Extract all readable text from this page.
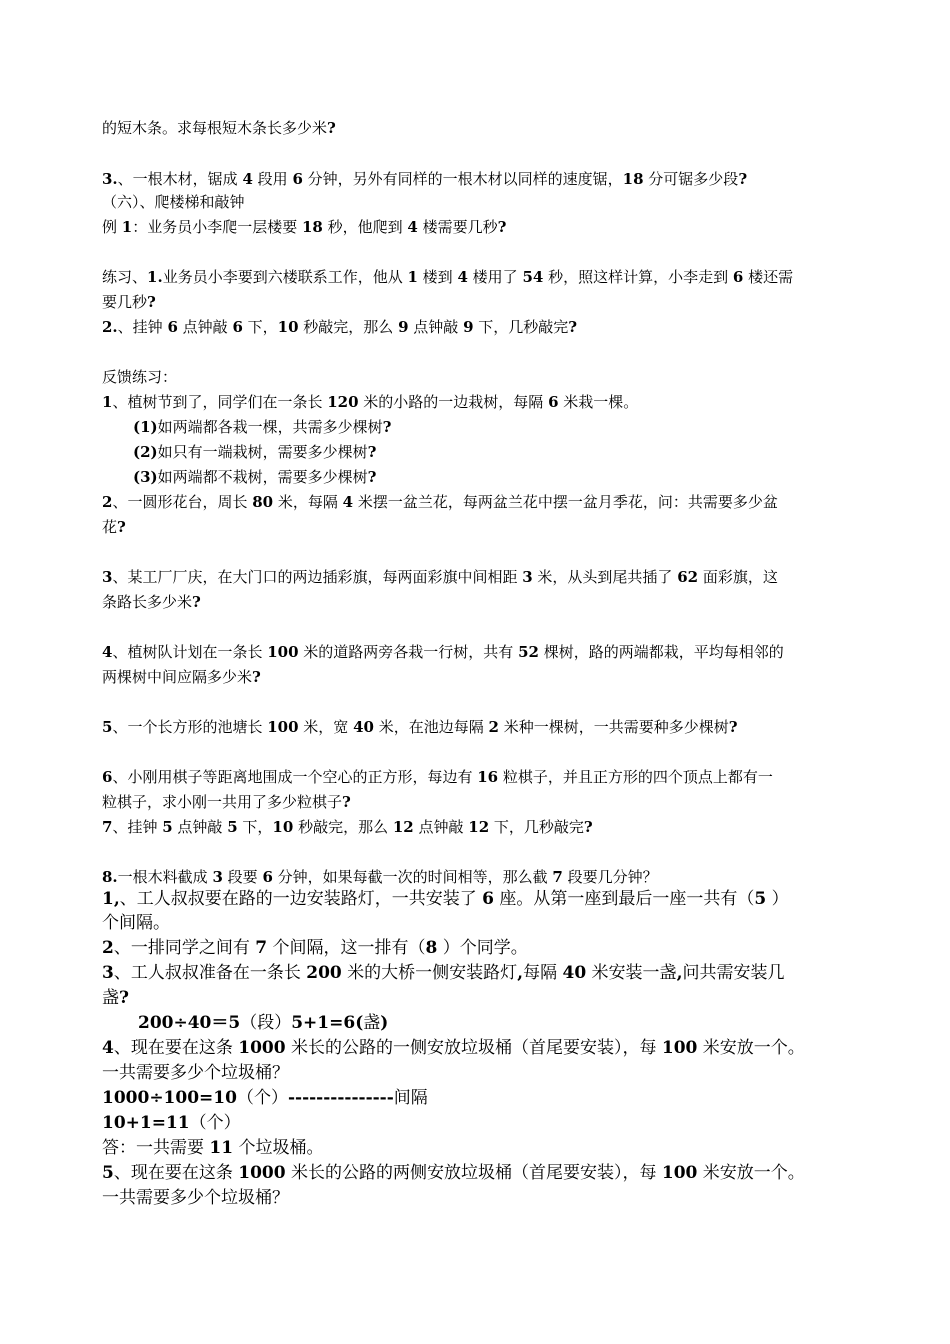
的短木条。求每根短木条长多少米?
3.、一根木材，锯成 4 段用 6 分钟，另外有同样的一根木材以同样的速度锯，18 分可锯多少段?
（六）、爬楼梯和敲钟
例 1：业务员小李爬一层楼要 18 秒，他爬到 4 楼需要几秒?
练习、1.业务员小李要到六楼联系工作，他从 1 楼到 4 楼用了 54 秒，照这样计算，小李走到 6 楼还需
要几秒?
2.、挂钟 6 点钟敲 6 下，10 秒敲完，那么 9 点钟敲 9 下，几秒敲完?
反馈练习：
1、植树节到了，同学们在一条长 120 米的小路的一边栽树，每隔 6 米栽一棵。
(1)如两端都各栽一棵，共需多少棵树?
(2)如只有一端栽树，需要多少棵树?
(3)如两端都不栽树，需要多少棵树?
2、一圆形花台，周长 80 米，每隔 4 米摆一盆兰花，每两盆兰花中摆一盆月季花，问：共需要多少盆
花?
3、某工厂厂庆，在大门口的两边插彩旗，每两面彩旗中间相距 3 米，从头到尾共插了 62 面彩旗，这
条路长多少米?
4、植树队计划在一条长 100 米的道路两旁各栽一行树，共有 52 棵树，路的两端都栽，平均每相邻的
两棵树中间应隔多少米?
5、一个长方形的池塘长 100 米，宽 40 米，在池边每隔 2 米种一棵树，一共需要种多少棵树?
6、小刚用棋子等距离地围成一个空心的正方形，每边有 16 粒棋子，并且正方形的四个顶点上都有一
粒棋子，求小刚一共用了多少粒棋子?
7、挂钟 5 点钟敲 5 下，10 秒敲完，那么 12 点钟敲 12 下，几秒敲完?
8.一根木料截成 3 段要 6 分钟，如果每截一次的时间相等，那么截 7 段要几分钟？
1,、工人叔叔要在路的一边安装路灯，一共安装了 6 座。从第一座到最后一座一共有（5 ）
个间隔。
2、一排同学之间有 7 个间隔，这一排有（8 ）个同学。
3、工人叔叔准备在一条长 200 米的大桥一侧安装路灯,每隔 40 米安装一盏,问共需安装几
盏?
200÷40＝5（段）5+1=6(盏)
4、现在要在这条 1000 米长的公路的一侧安放垃圾桶（首尾要安装），每 100 米安放一个。
一共需要多少个垃圾桶？
1000÷100=10（个）---------------间隔
10+1=11（个）
答：一共需要 11 个垃圾桶。
5、现在要在这条 1000 米长的公路的两侧安放垃圾桶（首尾要安装），每 100 米安放一个。
一共需要多少个垃圾桶？
